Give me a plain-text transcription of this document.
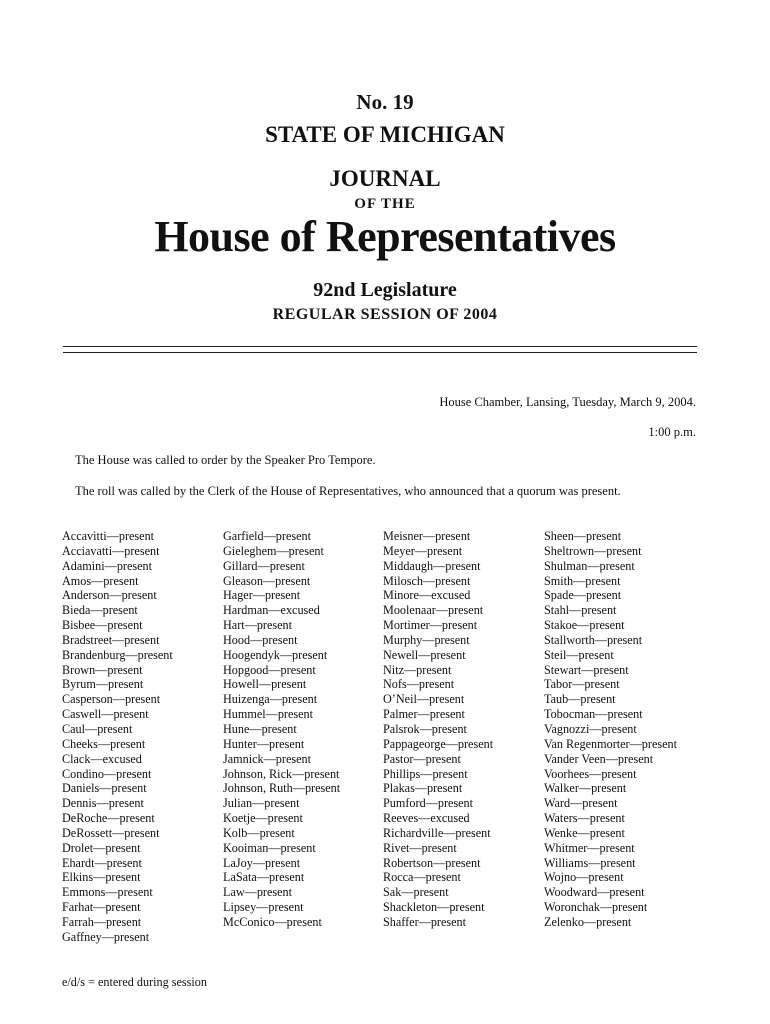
No. 19
STATE OF MICHIGAN
JOURNAL
OF THE
House of Representatives
92nd Legislature
REGULAR SESSION OF 2004
House Chamber, Lansing, Tuesday, March 9, 2004.
1:00 p.m.
The House was called to order by the Speaker Pro Tempore.
The roll was called by the Clerk of the House of Representatives, who announced that a quorum was present.
Accavitti—present
Acciavatti—present
Adamini—present
Amos—present
Anderson—present
Bieda—present
Bisbee—present
Bradstreet—present
Brandenburg—present
Brown—present
Byrum—present
Casperson—present
Caswell—present
Caul—present
Cheeks—present
Clack—excused
Condino—present
Daniels—present
Dennis—present
DeRoche—present
DeRossett—present
Drolet—present
Ehardt—present
Elkins—present
Emmons—present
Farhat—present
Farrah—present
Gaffney—present
Garfield—present
Gieleghem—present
Gillard—present
Gleason—present
Hager—present
Hardman—excused
Hart—present
Hood—present
Hoogendyk—present
Hopgood—present
Howell—present
Huizenga—present
Hummel—present
Hune—present
Hunter—present
Jamnick—present
Johnson, Rick—present
Johnson, Ruth—present
Julian—present
Koetje—present
Kolb—present
Kooiman—present
LaJoy—present
LaSata—present
Law—present
Lipsey—present
McConico—present
Meisner—present
Meyer—present
Middaugh—present
Milosch—present
Minore—excused
Moolenaar—present
Mortimer—present
Murphy—present
Newell—present
Nitz—present
Nofs—present
O’Neil—present
Palmer—present
Palsrok—present
Pappageorge—present
Pastor—present
Phillips—present
Plakas—present
Pumford—present
Reeves—excused
Richardville—present
Rivet—present
Robertson—present
Rocca—present
Sak—present
Shackleton—present
Shaffer—present
Sheen—present
Sheltrown—present
Shulman—present
Smith—present
Spade—present
Stahl—present
Stakoe—present
Stallworth—present
Steil—present
Stewart—present
Tabor—present
Taub—present
Tobocman—present
Vagnozzi—present
Van Regenmorter—present
Vander Veen—present
Voorhees—present
Walker—present
Ward—present
Waters—present
Wenke—present
Whitmer—present
Williams—present
Wojno—present
Woodward—present
Woronchak—present
Zelenko—present
e/d/s = entered during session
